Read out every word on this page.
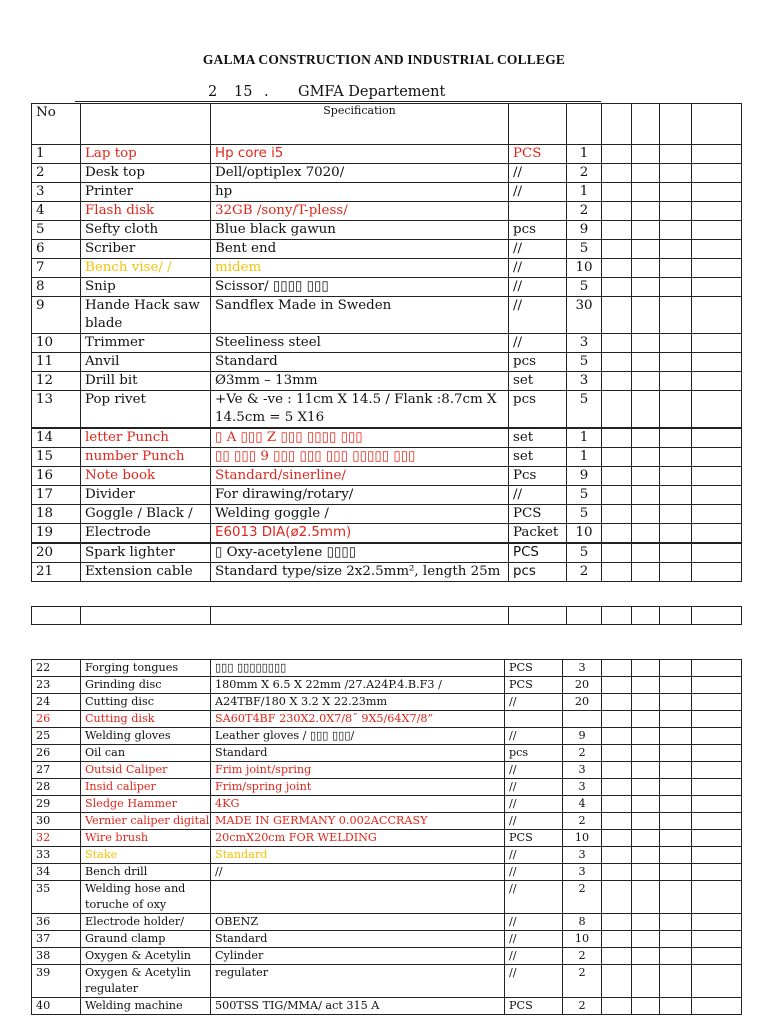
GALMA CONSTRUCTION AND INDUSTRIAL COLLEGE
2 15 . GMFA Departement
No		Specification						
1	Lap top	Hp core i5	PCS	1				
2	Desk top	Dell/optiplex 7020/	//	2				
3	Printer	hp	//	1				
4	Flash disk	32GB /sony/T-pless/		2				
5	Sefty cloth	Blue black gawun	pcs	9				
6	Scriber	Bent end	//	5				
7	Bench vise/ /	midem	//	10				
8	Snip	Scissor/ ▯▯▯▯ ▯▯▯	//	5				
9	Hande Hack saw blade	Sandflex Made in Sweden	//	30				
10	Trimmer	Steeliness steel	//	3				
11	Anvil	Standard	pcs	5				
12	Drill bit	Ø3mm – 13mm	set	3				
13	Pop rivet	+Ve & -ve : 11cm X 14.5 / Flank :8.7cm X 14.5cm = 5 X16	pcs	5				

14	letter Punch	▯ A ▯▯▯ Z ▯▯▯ ▯▯▯▯ ▯▯▯	set	1				
15	number Punch	▯▯ ▯▯▯ 9 ▯▯▯ ▯▯▯ ▯▯▯ ▯▯▯▯▯ ▯▯▯	set	1				
16	Note book	Standard/sinerline/	Pcs	9				
17	Divider	For dirawing/rotary/	//	5				
18	Goggle / Black /	Welding goggle /	PCS	5				
19	Electrode	E6013 DIA(ø2.5mm)	Packet	10				

20	Spark lighter	▯ Oxy-acetylene ▯▯▯▯	PCS	5				
21	Extension cable	Standard type/size 2x2.5mm², length 25m	pcs	2				

22	Forging tongues	▯▯▯ ▯▯▯▯▯▯▯▯	PCS	3				
23	Grinding disc	180mm X 6.5 X 22mm /27.A24P.4.B.F3 /	PCS	20				
24	Cutting disc	A24TBF/180 X 3.2 X 22.23mm	//	20				
26	Cutting disk	SA60T4BF 230X2.0X7/8˝ 9X5/64X7/8”						
25	Welding gloves	Leather gloves / ▯▯▯ ▯▯▯/	//	9				
26	Oil can	Standard	pcs	2				
27	Outsid Caliper	Frim joint/spring	//	3				
28	Insid caliper	Frim/spring joint	//	3				
29	Sledge Hammer	4KG	//	4				
30	Vernier caliper digital	MADE IN GERMANY 0.002ACCRASY	//	2				
32	Wire brush	20cmX20cm FOR WELDING	PCS	10				
33	Stake	Standard	//	3				
34	Bench drill	//	//	3				
35	Welding hose and toruche of oxy		//	2				
36	Electrode holder/	OBENZ	//	8				
37	Graund clamp	Standard	//	10				
38	Oxygen & Acetylin	Cylinder	//	2				
39	Oxygen & Acetylin regulater	regulater	//	2				
40	Welding machine	500TSS TIG/MMA/ act 315 A	PCS	2				
